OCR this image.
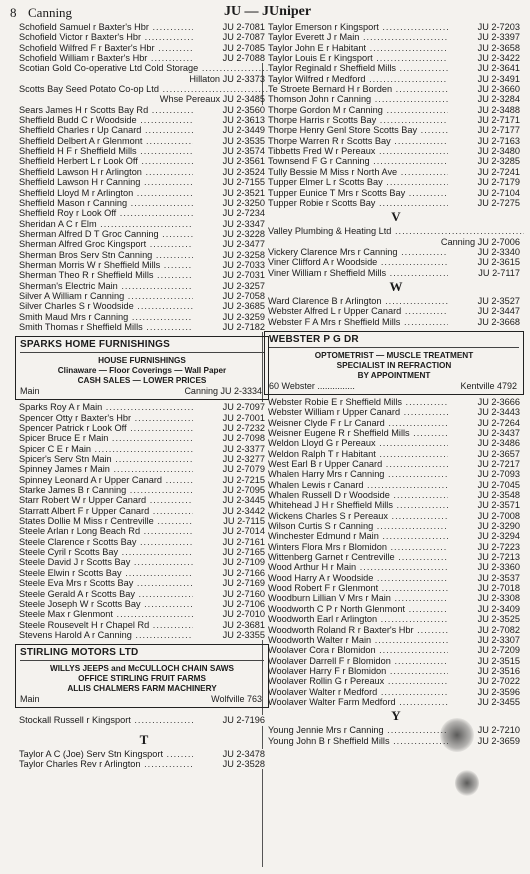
8 Canning	JU — JUniper
Schofield Samuel r Baxter's Hbr .....	JU 2-7081
Schofield Victor r Baxter's Hbr .....	JU 2-7087
Schofield Wilfred F r Baxter's Hbr .....	JU 2-7085
Schofield William r Baxter's Hbr .....	JU 2-7088
Scotian Gold Co-operative Ltd Cold Storage .....
Hillaton JU 2-3373
Scotts Bay Seed Potato Co-op Ltd .....
Whse Pereaux JU 2-3485
Sears James H r Scotts Bay Rd .....	JU 2-3560
Sheffield Budd C r Woodside .....	JU 2-3613
Sheffield Charles r Up Canard .....	JU 2-3449
Sheffield Delbert A r Glenmont .....	JU 2-3535
Sheffield H F r Sheffield Mills .....	JU 2-3574
Sheffield Herbert L r Look Off .....	JU 2-3561
Sheffield Lawson H r Arlington .....	JU 2-3524
Sheffield Lawson H r Canning .....	JU 2-7155
Sheffield Lloyd M r Arlington .....	JU 2-3521
Sheffield Mason r Canning .....	JU 2-3250
Sheffield Roy r Look Off .....	JU 2-7234
Sheridan A C r Elm .....	JU 2-3347
Sherman Alfred D T Groc Canning .....	JU 2-3228
Sherman Alfred Groc Kingsport .....	JU 2-3477
Sherman Bros Serv Stn Canning .....	JU 2-3258
Sherman Morris W r Sheffield Mills .....	JU 2-7033
Sherman Theo R r Sheffield Mills .....	JU 2-7031
Sherman's Electric Main .....	JU 2-3257
Silver A William r Canning .....	JU 2-7058
Silver Charles S r Woodside .....	JU 2-3685
Smith Maud Mrs r Canning .....	JU 2-3259
Smith Thomas r Sheffield Mills .....	JU 2-7182
SPARKS HOME FURNISHINGS
HOUSE FURNISHINGS
Clinaware — Floor Coverings — Wall Paper
CASH SALES — LOWER PRICES
Main	Canning JU 2-3334
Sparks Roy A r Main .....	JU 2-7097
Spencer Otty r Baxter's Hbr .....	JU 2-7001
Spencer Patrick r Look Off .....	JU 2-7232
Spicer Bruce E r Main .....	JU 2-7098
Spicer C E r Main .....	JU 2-3377
Spicer's Serv Stn Main .....	JU 2-3277
Spinney James r Main .....	JU 2-7079
Spinney Leonard A r Upper Canard .....	JU 2-7215
Starke James B r Canning .....	JU 2-7095
Starr Robert W r Upper Canard .....	JU 2-3445
Starratt Albert F r Upper Canard .....	JU 2-3442
States Dollie M Miss r Centreville .....	JU 2-7115
Steele Arlan r Long Beach Rd .....	JU 2-7014
Steele Clarence r Scotts Bay .....	JU 2-7161
Steele Cyril r Scotts Bay .....	JU 2-7165
Steele David J r Scotts Bay .....	JU 2-7109
Steele Elwin r Scotts Bay .....	JU 2-7166
Steele Eva Mrs r Scotts Bay .....	JU 2-7169
Steele Gerald A r Scotts Bay .....	JU 2-7160
Steele Joseph W r Scotts Bay .....	JU 2-7106
Steele Max r Glenmont .....	JU 2-7010
Steele Rousevelt H r Chapel Rd .....	JU 2-3681
Stevens Harold A r Canning .....	JU 2-3355
STIRLING MOTORS LTD
WILLYS JEEPS and McCULLOCH CHAIN SAWS
OFFICE STIRLING FRUIT FARMS
ALLIS CHALMERS FARM MACHINERY
Main	Wolfville 763
Stockall Russell r Kingsport .....	JU 2-7196
T
Taylor A C (Joe) Serv Stn Kingsport .....	JU 2-3478
Taylor Charles Rev r Arlington .....	JU 2-3528
Taylor Emerson r Kingsport .....	JU 2-7203
Taylor Everett J r Main .....	JU 2-3397
Taylor John E r Habitant .....	JU 2-3658
Taylor Louis E r Kingsport .....	JU 2-3422
Taylor Reginald r Sheffield Mills .....	JU 2-3641
Taylor Wilfred r Medford .....	JU 2-3491
Te Stroete Bernard H r Borden .....	JU 2-3660
Thomson John r Canning .....	JU 2-3284
Thorpe Gordon M r Canning .....	JU 2-3488
Thorpe Harris r Scotts Bay .....	JU 2-7171
Thorpe Henry Genl Store Scotts Bay .....	JU 2-7177
Thorpe Warren R r Scotts Bay .....	JU 2-7163
Tibbetts Fred W r Pereaux .....	JU 2-3480
Townsend F G r Canning .....	JU 2-3285
Tully Bessie M Miss r North Ave .....	JU 2-7241
Tupper Elmer L r Scotts Bay .....	JU 2-7179
Tupper Eunice T Mrs r Scotts Bay .....	JU 2-7104
Tupper Robie r Scotts Bay .....	JU 2-7275
V
Valley Plumbing & Heating Ltd .....
Canning JU 2-7006
Vickery Clarence Mrs r Canning .....	JU 2-3340
Viner Clifford A r Woodside .....	JU 2-3615
Viner William r Sheffield Mills .....	JU 2-7117
W
Ward Clarence B r Arlington .....	JU 2-3527
Webster Alfred L r Upper Canard .....	JU 2-3447
Webster F A Mrs r Sheffield Mills .....	JU 2-3668
WEBSTER P G DR
OPTOMETRIST — MUSCLE TREATMENT
SPECIALIST IN REFRACTION
BY APPOINTMENT
60 Webster ...............	Kentville 4792
Webster Robie E r Sheffield Mills .....	JU 2-3666
Webster William r Upper Canard .....	JU 2-3443
Weisner Clyde F r Lr Canard .....	JU 2-7264
Weisner Eugene R r Sheffield Mills .....	JU 2-3437
Weldon Lloyd G r Pereaux .....	JU 2-3486
Weldon Ralph T r Habitant .....	JU 2-3657
West Earl B r Upper Canard .....	JU 2-7217
Whalen Harry Mrs r Canning .....	JU 2-7093
Whalen Lewis r Canard .....	JU 2-7045
Whalen Russell D r Woodside .....	JU 2-3548
Whitehead J H r Sheffield Mills .....	JU 2-3571
Wickens Charles S r Pereaux .....	JU 2-7008
Wilson Curtis S r Canning .....	JU 2-3290
Winchester Edmund r Main .....	JU 2-3294
Winters Flora Mrs r Blomidon .....	JU 2-7223
Wittenberg Garnet r Centreville .....	JU 2-7213
Wood Arthur H r Main .....	JU 2-3360
Wood Harry A r Woodside .....	JU 2-3537
Wood Robert F r Glenmont .....	JU 2-7018
Woodburn Lillian V Mrs r Main .....	JU 2-3308
Woodworth C P r North Glenmont .....	JU 2-3409
Woodworth Earl r Arlington .....	JU 2-3525
Woodworth Roland R r Baxter's Hbr .....	JU 2-7082
Woodworth Walter r Main .....	JU 2-3307
Woolaver Cora r Blomidon .....	JU 2-7209
Woolaver Darrell F r Blomidon .....	JU 2-3515
Woolaver Harry F r Blomidon .....	JU 2-3516
Woolaver Rollin G r Pereaux .....	JU 2-7022
Woolaver Walter r Medford .....	JU 2-3596
Woolaver Walter Farm Medford .....	JU 2-3455
Y
Young Jennie Mrs r Canning .....	JU 2-7210
Young John B r Sheffield Mills .....	JU 2-3659
